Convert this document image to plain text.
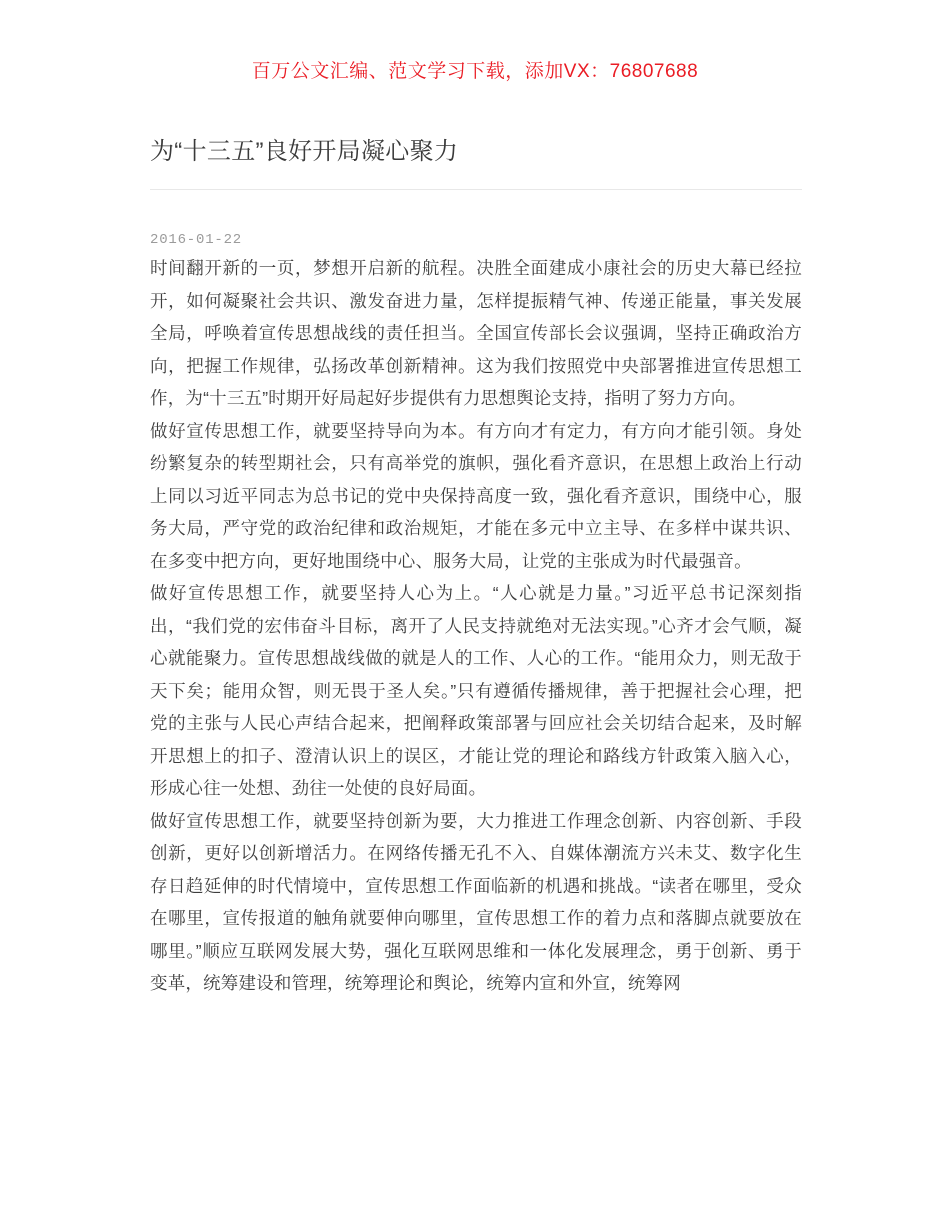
百万公文汇编、范文学习下载，添加VX：76807688
为“十三五”良好开局凝心聚力
2016-01-22

时间翻开新的一页，梦想开启新的航程。决胜全面建成小康社会的历史大幕已经拉开，如何凝聚社会共识、激发奋进力量，怎样提振精气神、传递正能量，事关发展全局，呼唤着宣传思想战线的责任担当。全国宣传部长会议强调，坚持正确政治方向，把握工作规律，弘扬改革创新精神。这为我们按照党中央部署推进宣传思想工作，为“十三五”时期开好局起好步提供有力思想舆论支持，指明了努力方向。

做好宣传思想工作，就要坚持导向为本。有方向才有定力，有方向才能引领。身处纷繁复杂的转型期社会，只有高举党的旗帜，强化看齐意识，在思想上政治上行动上同以习近平同志为总书记的党中央保持高度一致，强化看齐意识，围绕中心，服务大局，严守党的政治纪律和政治规矩，才能在多元中立主导、在多样中谋共识、在多变中把方向，更好地围绕中心、服务大局，让党的主张成为时代最强音。

做好宣传思想工作，就要坚持人心为上。“人心就是力量。”习近平总书记深刻指出，“我们党的宏伟奋斗目标，离开了人民支持就绝对无法实现。”心齐才会气顺，凝心就能聚力。宣传思想战线做的就是人的工作、人心的工作。“能用众力，则无敌于天下矣；能用众智，则无畏于圣人矣。”只有遵循传播规律，善于把握社会心理，把党的主张与人民心声结合起来，把阐释政策部署与回应社会关切结合起来，及时解开思想上的扣子、澄清认识上的误区，才能让党的理论和路线方针政策入脑入心，形成心往一处想、劲往一处使的良好局面。

做好宣传思想工作，就要坚持创新为要，大力推进工作理念创新、内容创新、手段创新，更好以创新增活力。在网络传播无孔不入、自媒体潮流方兴未艾、数字化生存日趋延伸的时代情境中，宣传思想工作面临新的机遇和挑战。“读者在哪里，受众在哪里，宣传报道的触角就要伸向哪里，宣传思想工作的着力点和落脚点就要放在哪里。”顺应互联网发展大势，强化互联网思维和一体化发展理念，勇于创新、勇于变革，统筹建设和管理，统筹理论和舆论，统筹内宣和外宣，统筹网
